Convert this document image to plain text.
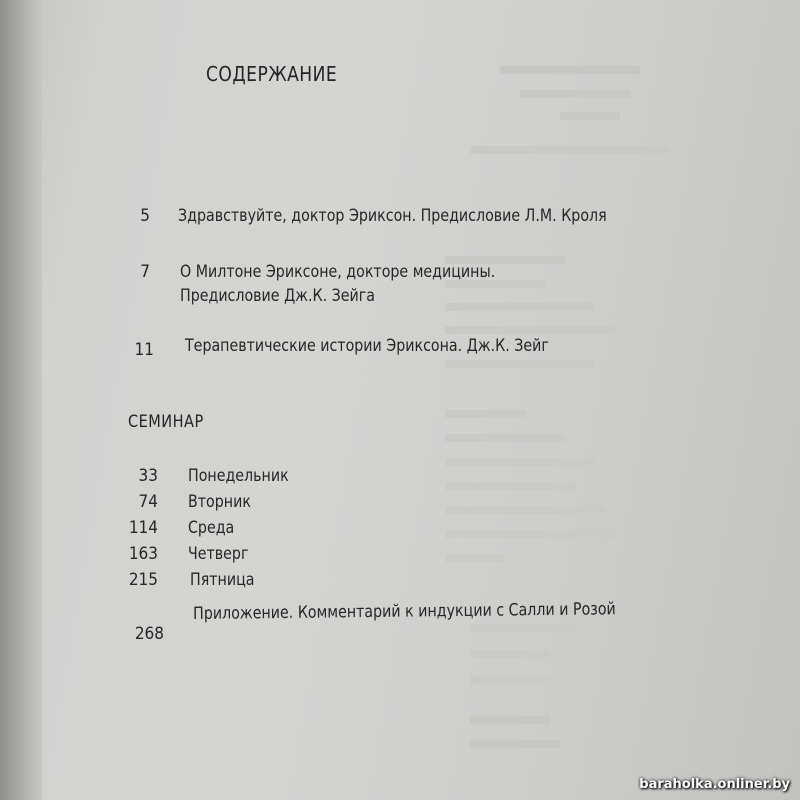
СОДЕРЖАНИЕ
5 Здравствуйте, доктор Эриксон. Предисловие Л.М. Кроля
7 О Милтоне Эриксоне, докторе медицины.
Предисловие Дж.К. Зейга
11 Терапевтические истории Эриксона. Дж.К. Зейг
СЕМИНАР
33 Понедельник
74 Вторник
114 Среда
163 Четверг
215 Пятница
268
Приложение. Комментарий к индукции с Салли и Розой
baraholka.onliner.by
